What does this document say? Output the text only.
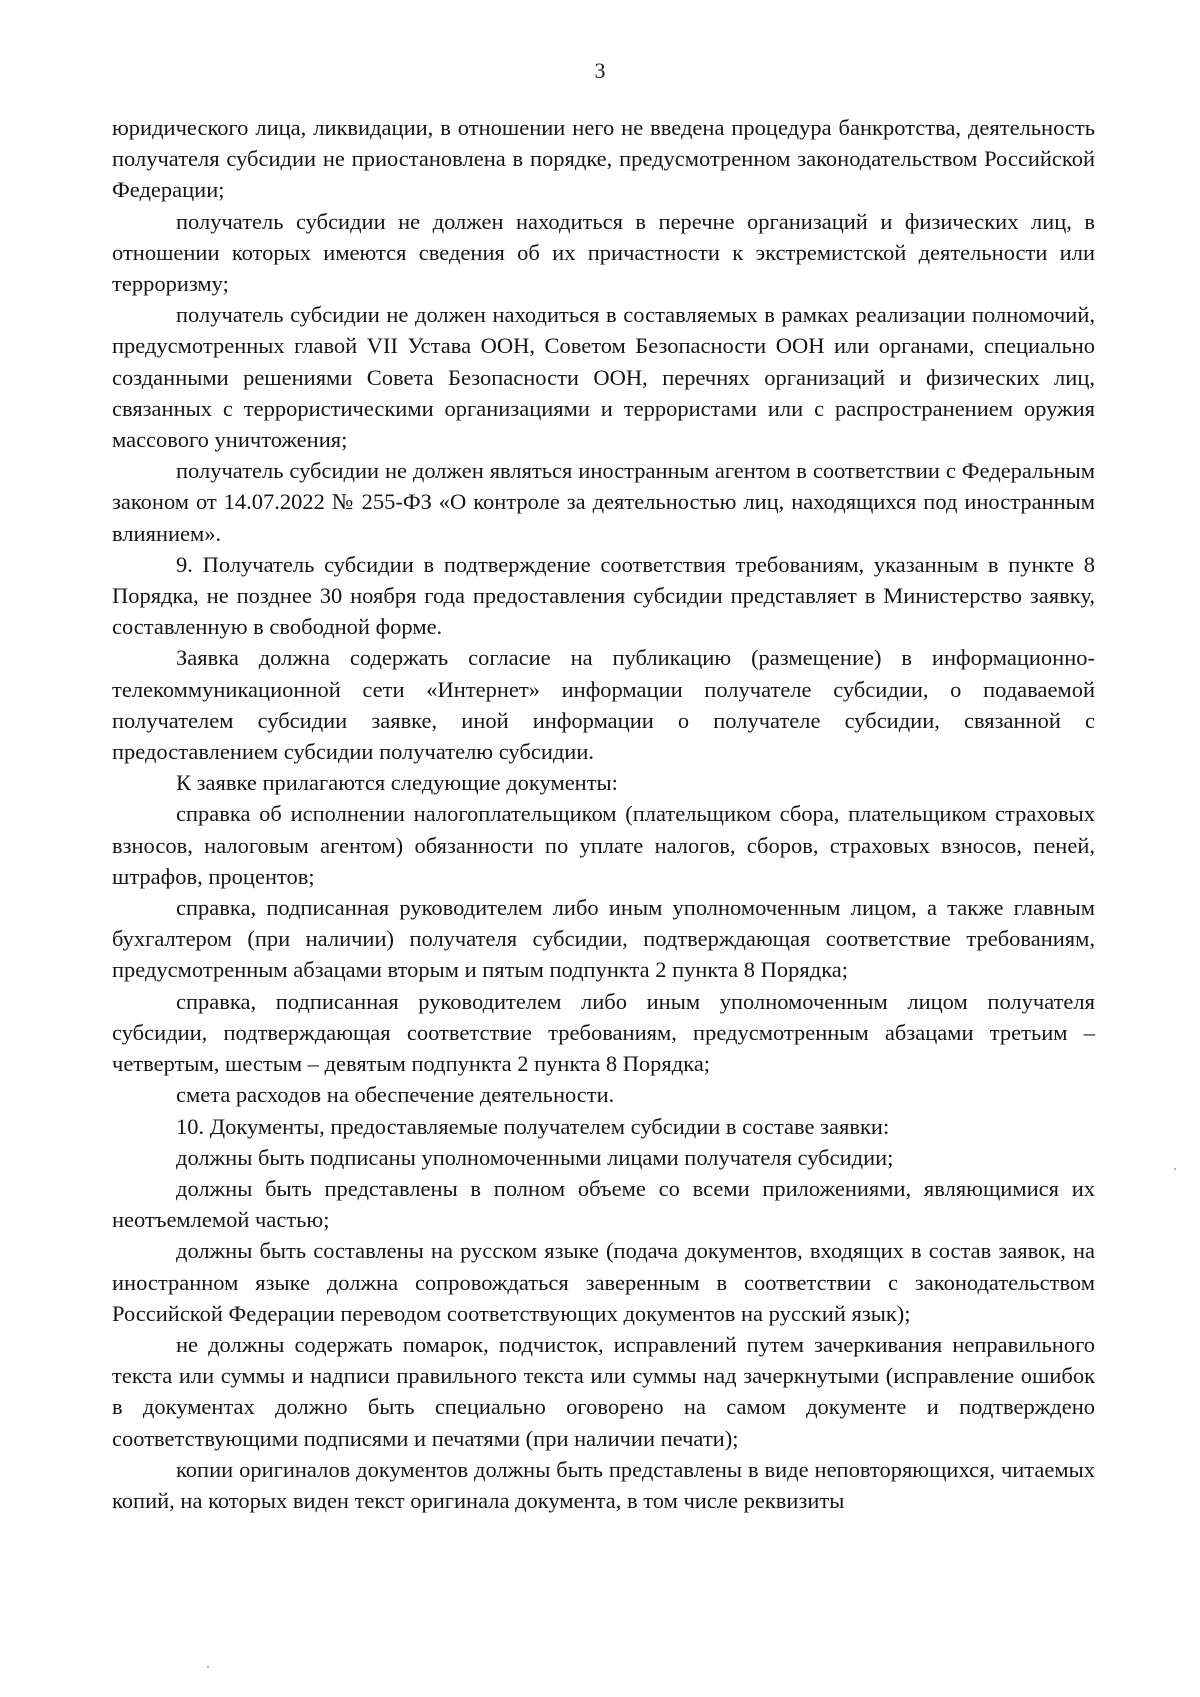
3

юридического лица, ликвидации, в отношении него не введена процедура банкротства, деятельность получателя субсидии не приостановлена в порядке, предусмотренном законодательством Российской Федерации;

получатель субсидии не должен находиться в перечне организаций и физических лиц, в отношении которых имеются сведения об их причастности к экстремистской деятельности или терроризму;

получатель субсидии не должен находиться в составляемых в рамках реализации полномочий, предусмотренных главой VII Устава ООН, Советом Безопасности ООН или органами, специально созданными решениями Совета Безопасности ООН, перечнях организаций и физических лиц, связанных с террористическими организациями и террористами или с распространением оружия массового уничтожения;

получатель субсидии не должен являться иностранным агентом в соответствии с Федеральным законом от 14.07.2022 № 255-ФЗ «О контроле за деятельностью лиц, находящихся под иностранным влиянием».

9. Получатель субсидии в подтверждение соответствия требованиям, указанным в пункте 8 Порядка, не позднее 30 ноября года предоставления субсидии представляет в Министерство заявку, составленную в свободной форме.

Заявка должна содержать согласие на публикацию (размещение) в информационно-телекоммуникационной сети «Интернет» информации получателе субсидии, о подаваемой получателем субсидии заявке, иной информации о получателе субсидии, связанной с предоставлением субсидии получателю субсидии.

К заявке прилагаются следующие документы:

справка об исполнении налогоплательщиком (плательщиком сбора, плательщиком страховых взносов, налоговым агентом) обязанности по уплате налогов, сборов, страховых взносов, пеней, штрафов, процентов;

справка, подписанная руководителем либо иным уполномоченным лицом, а также главным бухгалтером (при наличии) получателя субсидии, подтверждающая соответствие требованиям, предусмотренным абзацами вторым и пятым подпункта 2 пункта 8 Порядка;

справка, подписанная руководителем либо иным уполномоченным лицом получателя субсидии, подтверждающая соответствие требованиям, предусмотренным абзацами третьим – четвертым, шестым – девятым подпункта 2 пункта 8 Порядка;

смета расходов на обеспечение деятельности.

10. Документы, предоставляемые получателем субсидии в составе заявки:

должны быть подписаны уполномоченными лицами получателя субсидии;

должны быть представлены в полном объеме со всеми приложениями, являющимися их неотъемлемой частью;

должны быть составлены на русском языке (подача документов, входящих в состав заявок, на иностранном языке должна сопровождаться заверенным в соответствии с законодательством Российской Федерации переводом соответствующих документов на русский язык);

не должны содержать помарок, подчисток, исправлений путем зачеркивания неправильного текста или суммы и надписи правильного текста или суммы над зачеркнутыми (исправление ошибок в документах должно быть специально оговорено на самом документе и подтверждено соответствующими подписями и печатями (при наличии печати);

копии оригиналов документов должны быть представлены в виде неповторяющихся, читаемых копий, на которых виден текст оригинала документа, в том числе реквизиты
